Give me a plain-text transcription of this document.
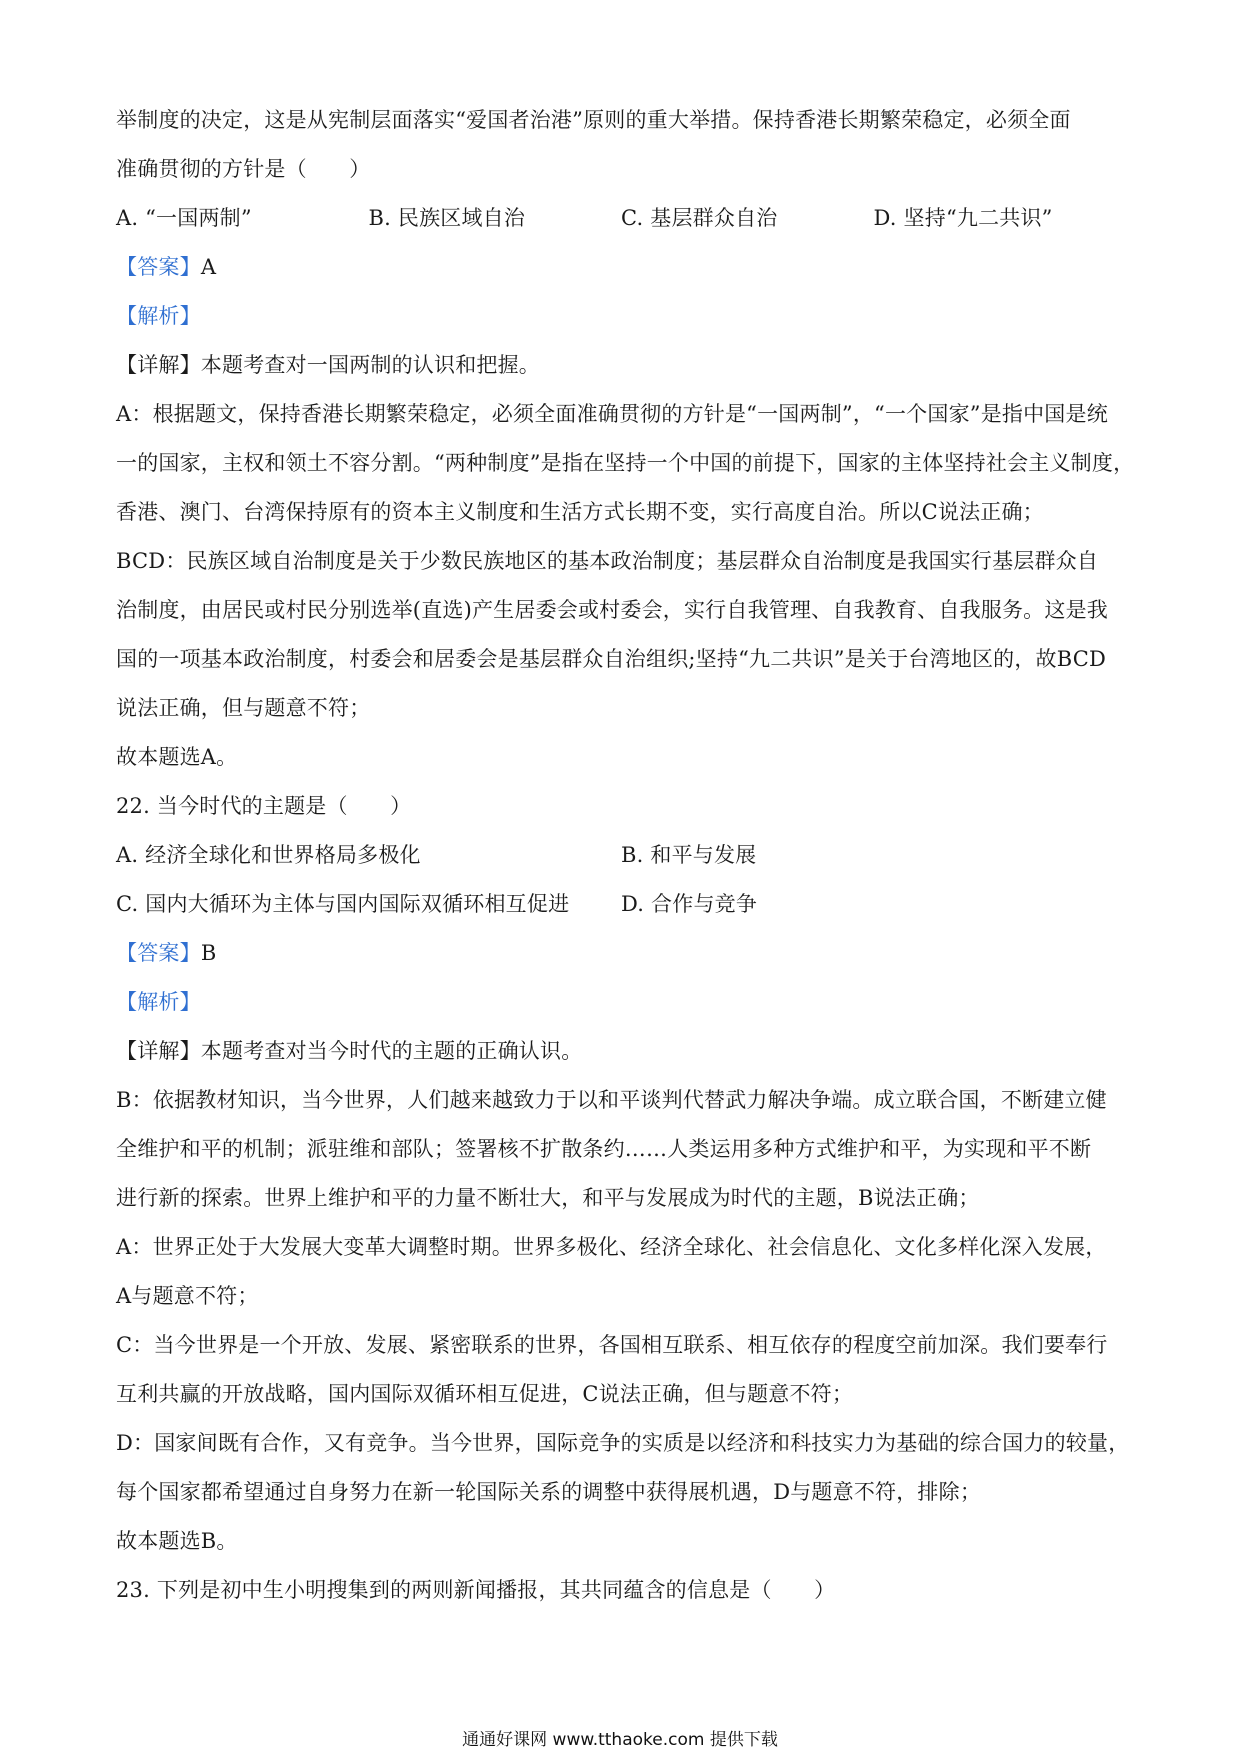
举制度的决定，这是从宪制层面落实“爱国者治港”原则的重大举措。保持香港长期繁荣稳定，必须全面
准确贯彻的方针是（　　）
A. “一国两制”	B. 民族区域自治	C. 基层群众自治	D. 坚持“九二共识”
【答案】A
【解析】
【详解】本题考查对一国两制的认识和把握。
A：根据题文，保持香港长期繁荣稳定，必须全面准确贯彻的方针是“一国两制”，“一个国家”是指中国是统
一的国家，主权和领土不容分割。“两种制度”是指在坚持一个中国的前提下，国家的主体坚持社会主义制度，
香港、澳门、台湾保持原有的资本主义制度和生活方式长期不变，实行高度自治。所以C说法正确；
BCD：民族区域自治制度是关于少数民族地区的基本政治制度；基层群众自治制度是我国实行基层群众自
治制度，由居民或村民分别选举(直选)产生居委会或村委会，实行自我管理、自我教育、自我服务。这是我
国的一项基本政治制度，村委会和居委会是基层群众自治组织;坚持“九二共识”是关于台湾地区的，故BCD
说法正确，但与题意不符；
故本题选A。
22. 当今时代的主题是（　　）
A. 经济全球化和世界格局多极化	B. 和平与发展
C. 国内大循环为主体与国内国际双循环相互促进	D. 合作与竞争
【答案】B
【解析】
【详解】本题考查对当今时代的主题的正确认识。
B：依据教材知识，当今世界，人们越来越致力于以和平谈判代替武力解决争端。成立联合国，不断建立健
全维护和平的机制；派驻维和部队；签署核不扩散条约……人类运用多种方式维护和平，为实现和平不断
进行新的探索。世界上维护和平的力量不断壮大，和平与发展成为时代的主题，B说法正确；
A：世界正处于大发展大变革大调整时期。世界多极化、经济全球化、社会信息化、文化多样化深入发展，
A与题意不符；
C：当今世界是一个开放、发展、紧密联系的世界，各国相互联系、相互依存的程度空前加深。我们要奉行
互利共赢的开放战略，国内国际双循环相互促进，C说法正确，但与题意不符；
D：国家间既有合作，又有竞争。当今世界，国际竞争的实质是以经济和科技实力为基础的综合国力的较量，
每个国家都希望通过自身努力在新一轮国际关系的调整中获得展机遇，D与题意不符，排除；
故本题选B。
23. 下列是初中生小明搜集到的两则新闻播报，其共同蕴含的信息是（　　）
通通好课网 www.tthaoke.com 提供下载
